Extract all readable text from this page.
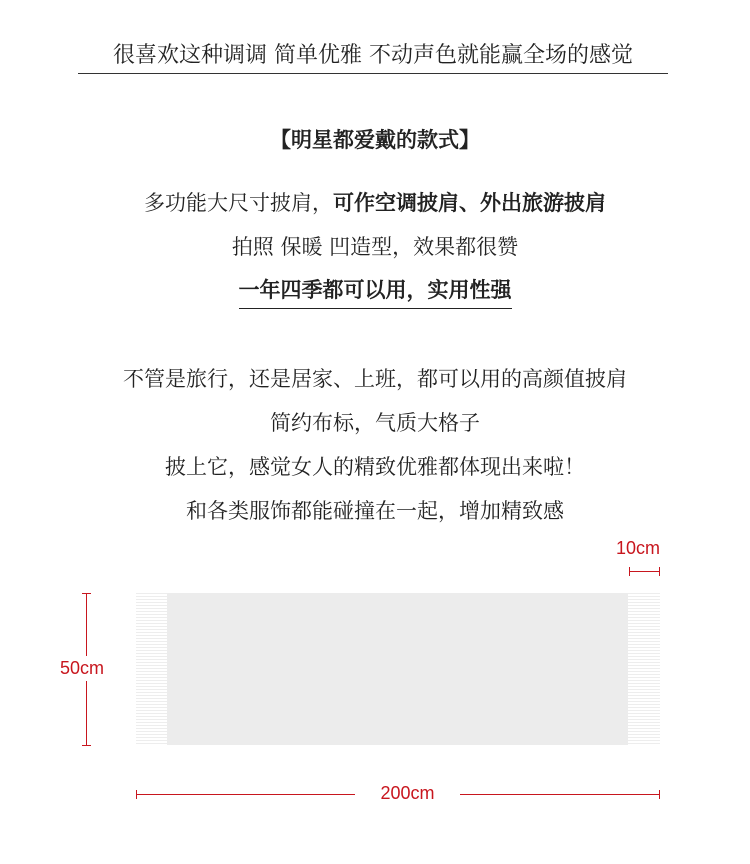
很喜欢这种调调 简单优雅 不动声色就能赢全场的感觉
【明星都爱戴的款式】
多功能大尺寸披肩，可作空调披肩、外出旅游披肩
拍照 保暖 凹造型，效果都很赞
一年四季都可以用，实用性强
不管是旅行，还是居家、上班，都可以用的高颜值披肩
简约布标，气质大格子
披上它，感觉女人的精致优雅都体现出来啦！
和各类服饰都能碰撞在一起，增加精致感
10cm
50cm
200cm
